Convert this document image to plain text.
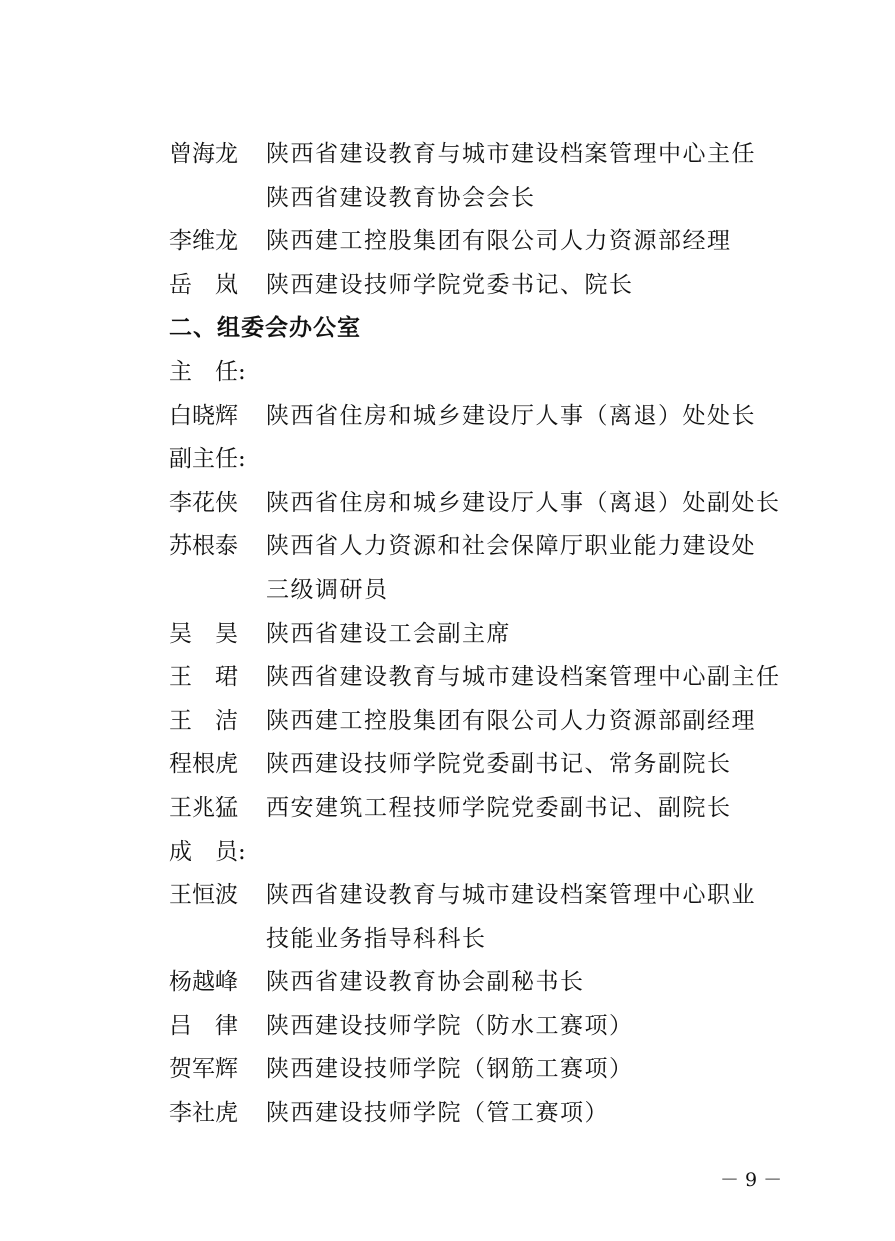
曾海龙	陕西省建设教育与城市建设档案管理中心主任
陕西省建设教育协会会长
李维龙	陕西建工控股集团有限公司人力资源部经理
岳　岚	陕西建设技师学院党委书记、院长
二、组委会办公室
主　任:
白晓辉	陕西省住房和城乡建设厅人事（离退）处处长
副主任:
李花侠	陕西省住房和城乡建设厅人事（离退）处副处长
苏根泰	陕西省人力资源和社会保障厅职业能力建设处
三级调研员
吴　昊	陕西省建设工会副主席
王　珺	陕西省建设教育与城市建设档案管理中心副主任
王　洁	陕西建工控股集团有限公司人力资源部副经理
程根虎	陕西建设技师学院党委副书记、常务副院长
王兆猛	西安建筑工程技师学院党委副书记、副院长
成　员:
王恒波	陕西省建设教育与城市建设档案管理中心职业
技能业务指导科科长
杨越峰	陕西省建设教育协会副秘书长
吕　律	陕西建设技师学院（防水工赛项）
贺军辉	陕西建设技师学院（钢筋工赛项）
李社虎	陕西建设技师学院（管工赛项）
－ 9 －
